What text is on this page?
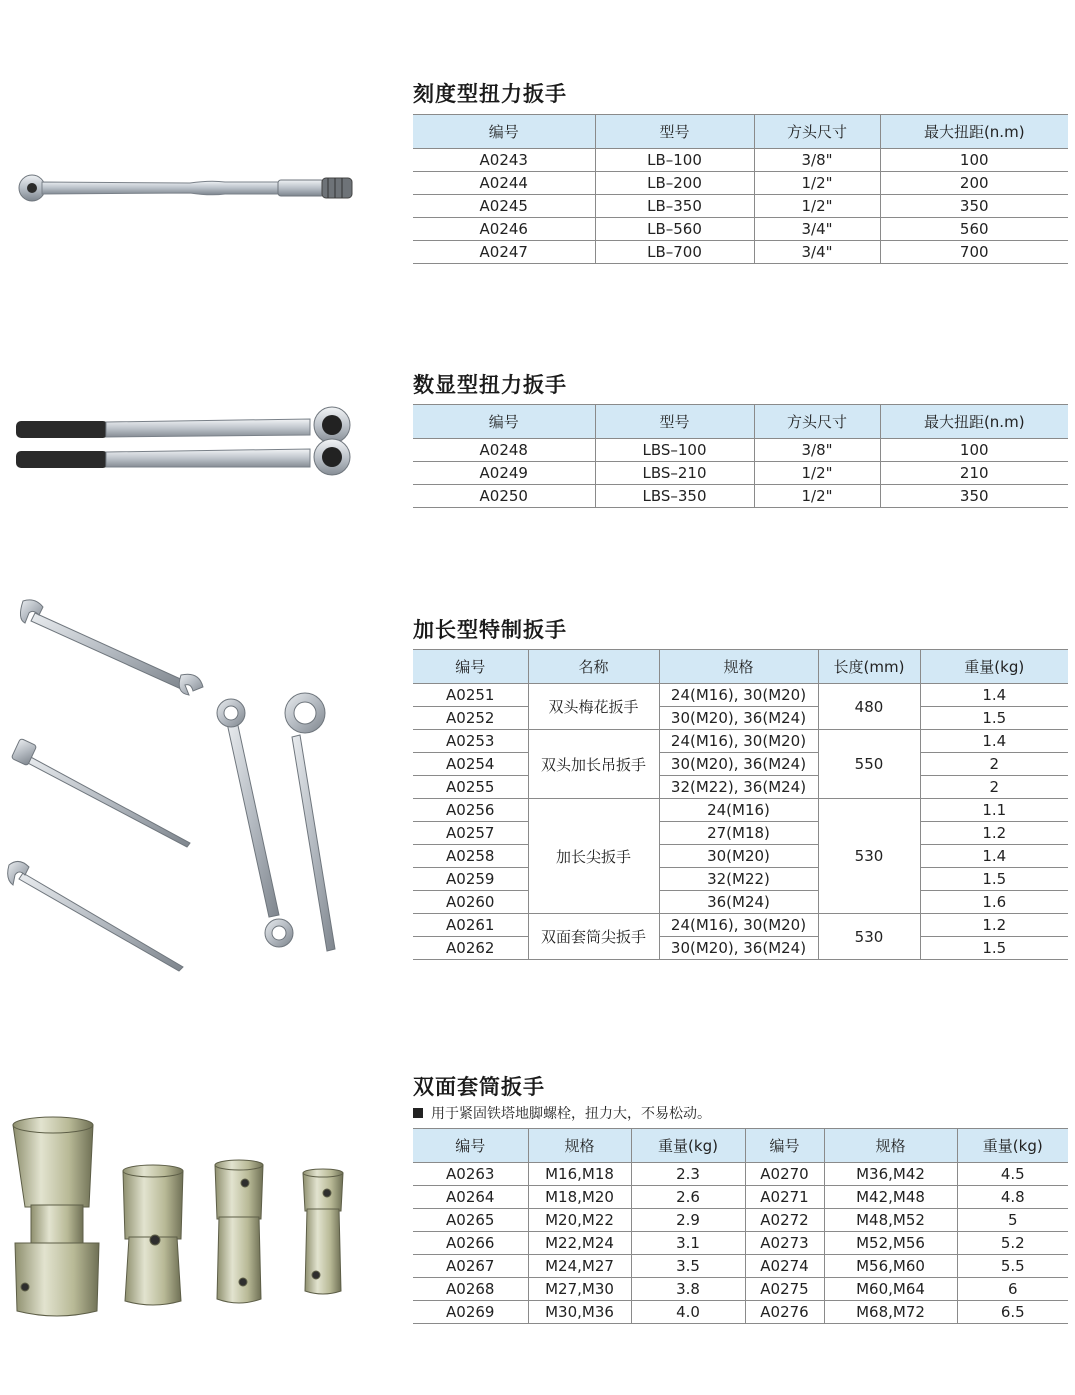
刻度型扭力扳手
编号	型号	方头尺寸	最大扭距(n.m)
A0243	LB–100	3/8"	100
A0244	LB–200	1/2"	200
A0245	LB–350	1/2"	350
A0246	LB–560	3/4"	560
A0247	LB–700	3/4"	700
数显型扭力扳手
编号	型号	方头尺寸	最大扭距(n.m)
A0248	LBS–100	3/8"	100
A0249	LBS–210	1/2"	210
A0250	LBS–350	1/2"	350
加长型特制扳手
编号	名称	规格	长度(mm)	重量(kg)
A0251	双头梅花扳手	24(M16), 30(M20)	480	1.4
A0252		30(M20), 36(M24)		1.5
A0253	双头加长吊扳手	24(M16), 30(M20)	550	1.4
A0254		30(M20), 36(M24)		2
A0255		32(M22), 36(M24)		2
A0256	加长尖扳手	24(M16)	530	1.1
A0257		27(M18)		1.2
A0258		30(M20)		1.4
A0259		32(M22)		1.5
A0260		36(M24)		1.6
A0261	双面套筒尖扳手	24(M16), 30(M20)	530	1.2
A0262		30(M20), 36(M24)		1.5
双面套筒扳手
用于紧固铁塔地脚螺栓，扭力大，不易松动。
编号	规格	重量(kg)	编号	规格	重量(kg)
A0263	M16,M18	2.3	A0270	M36,M42	4.5
A0264	M18,M20	2.6	A0271	M42,M48	4.8
A0265	M20,M22	2.9	A0272	M48,M52	5
A0266	M22,M24	3.1	A0273	M52,M56	5.2
A0267	M24,M27	3.5	A0274	M56,M60	5.5
A0268	M27,M30	3.8	A0275	M60,M64	6
A0269	M30,M36	4.0	A0276	M68,M72	6.5
